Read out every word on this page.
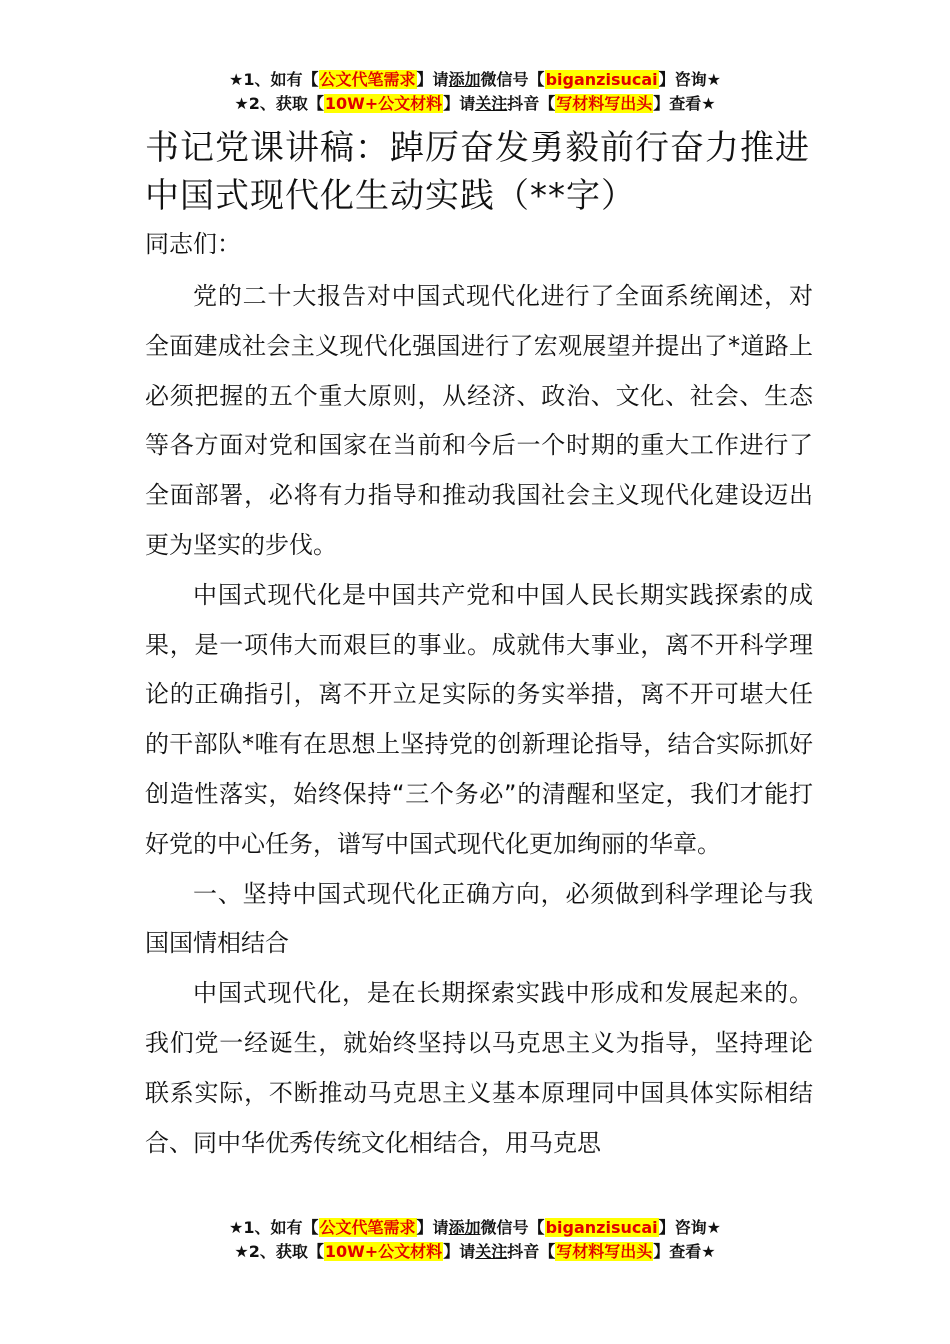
★1、如有【公文代笔需求】请添加微信号【biganzisucai】咨询★
★2、获取【10W+公文材料】请关注抖音【写材料写出头】查看★
书记党课讲稿：踔厉奋发勇毅前行奋力推进中国式现代化生动实践（**字）

同志们：

党的二十大报告对中国式现代化进行了全面系统阐述，对全面建成社会主义现代化强国进行了宏观展望并提出了*道路上必须把握的五个重大原则，从经济、政治、文化、社会、生态等各方面对党和国家在当前和今后一个时期的重大工作进行了全面部署，必将有力指导和推动我国社会主义现代化建设迈出更为坚实的步伐。

中国式现代化是中国共产党和中国人民长期实践探索的成果，是一项伟大而艰巨的事业。成就伟大事业，离不开科学理论的正确指引，离不开立足实际的务实举措，离不开可堪大任的干部队*唯有在思想上坚持党的创新理论指导，结合实际抓好创造性落实，始终保持“三个务必”的清醒和坚定，我们才能打好党的中心任务，谱写中国式现代化更加绚丽的华章。

一、坚持中国式现代化正确方向，必须做到科学理论与我国国情相结合

中国式现代化，是在长期探索实践中形成和发展起来的。我们党一经诞生，就始终坚持以马克思主义为指导，坚持理论联系实际，不断推动马克思主义基本原理同中国具体实际相结合、同中华优秀传统文化相结合，用马克思

★1、如有【公文代笔需求】请添加微信号【biganzisucai】咨询★
★2、获取【10W+公文材料】请关注抖音【写材料写出头】查看★
